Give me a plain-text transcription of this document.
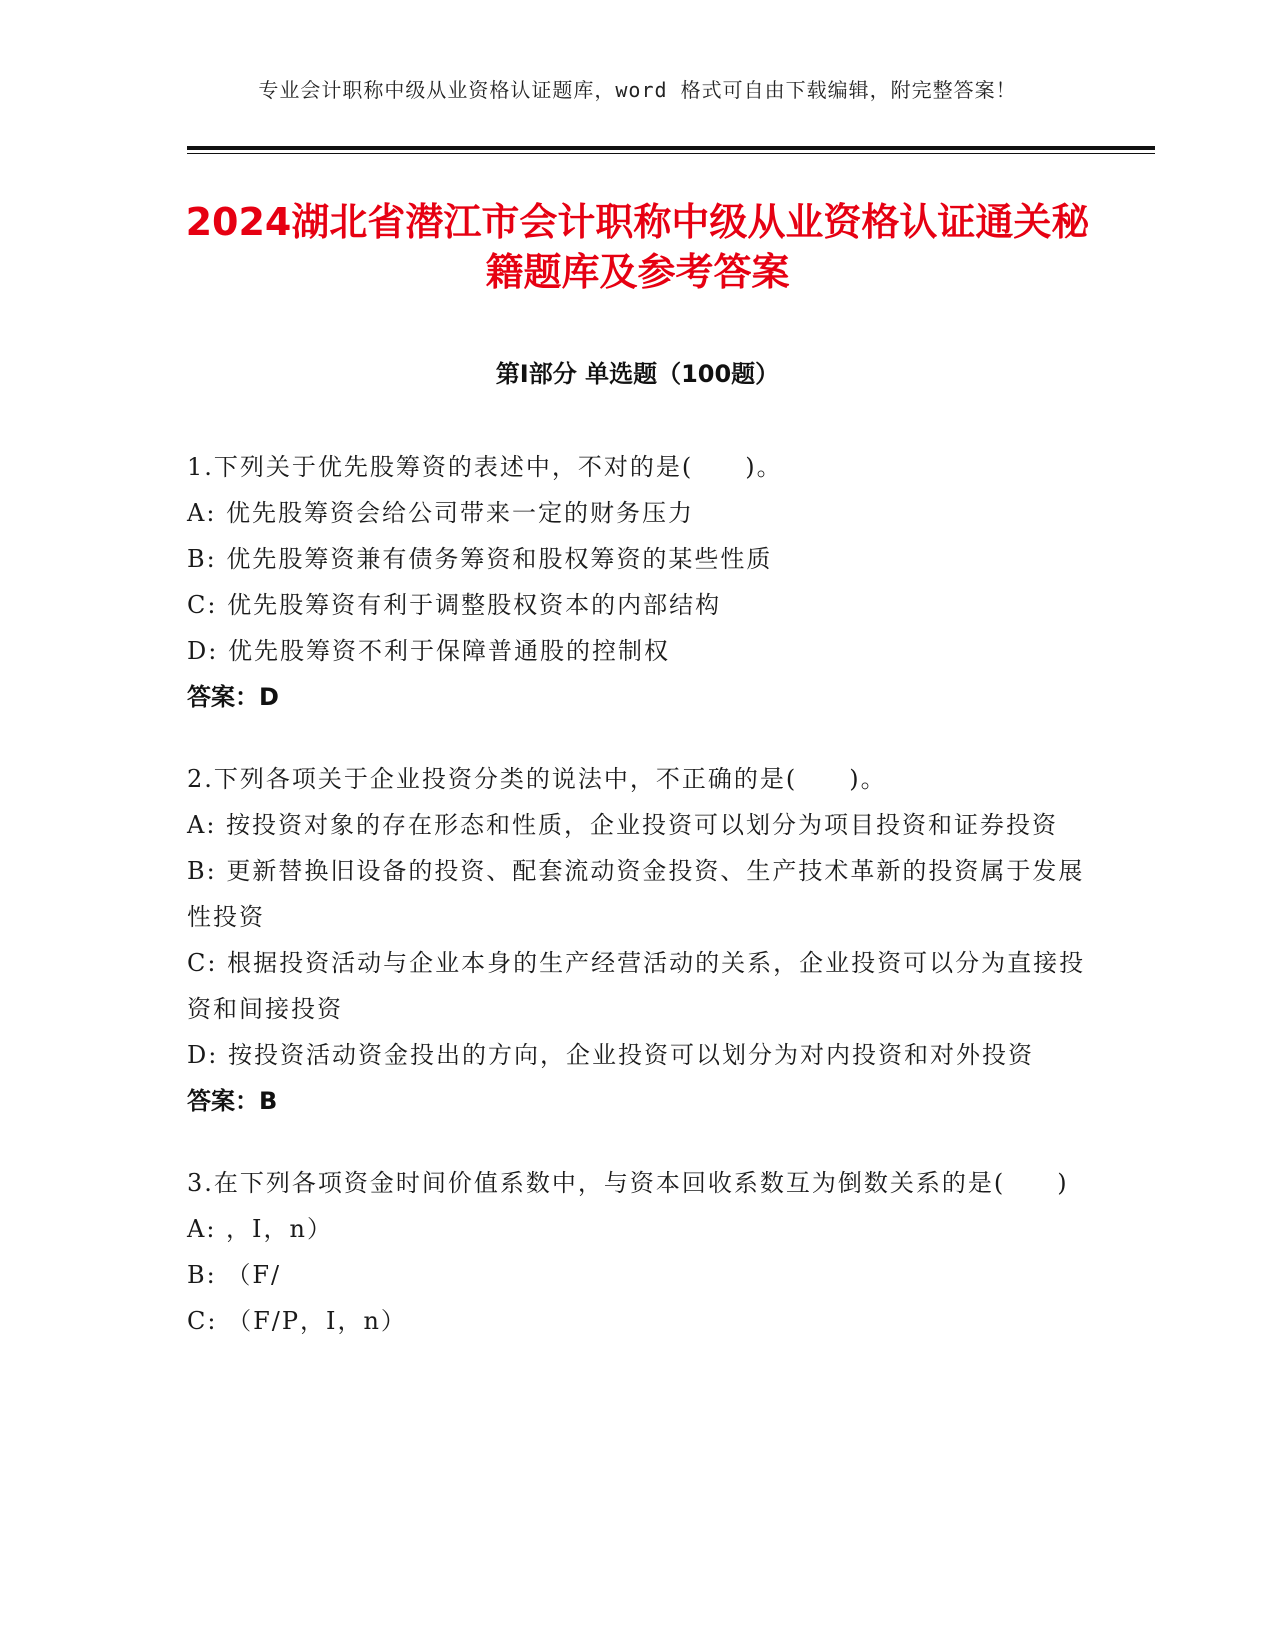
专业会计职称中级从业资格认证题库，word 格式可自由下载编辑，附完整答案！
2024湖北省潜江市会计职称中级从业资格认证通关秘籍题库及参考答案
第Ⅰ部分 单选题（100题）

1.下列关于优先股筹资的表述中，不对的是(　　)。

A: 优先股筹资会给公司带来一定的财务压力

B: 优先股筹资兼有债务筹资和股权筹资的某些性质

C: 优先股筹资有利于调整股权资本的内部结构

D: 优先股筹资不利于保障普通股的控制权

答案：D

2.下列各项关于企业投资分类的说法中，不正确的是(　　)。

A: 按投资对象的存在形态和性质，企业投资可以划分为项目投资和证券投资

B: 更新替换旧设备的投资、配套流动资金投资、生产技术革新的投资属于发展性投资

C: 根据投资活动与企业本身的生产经营活动的关系，企业投资可以分为直接投资和间接投资

D: 按投资活动资金投出的方向，企业投资可以划分为对内投资和对外投资

答案：B

3.在下列各项资金时间价值系数中，与资本回收系数互为倒数关系的是(　　)

A: ，I，n）

B: （F/

C: （F/P，I，n）
